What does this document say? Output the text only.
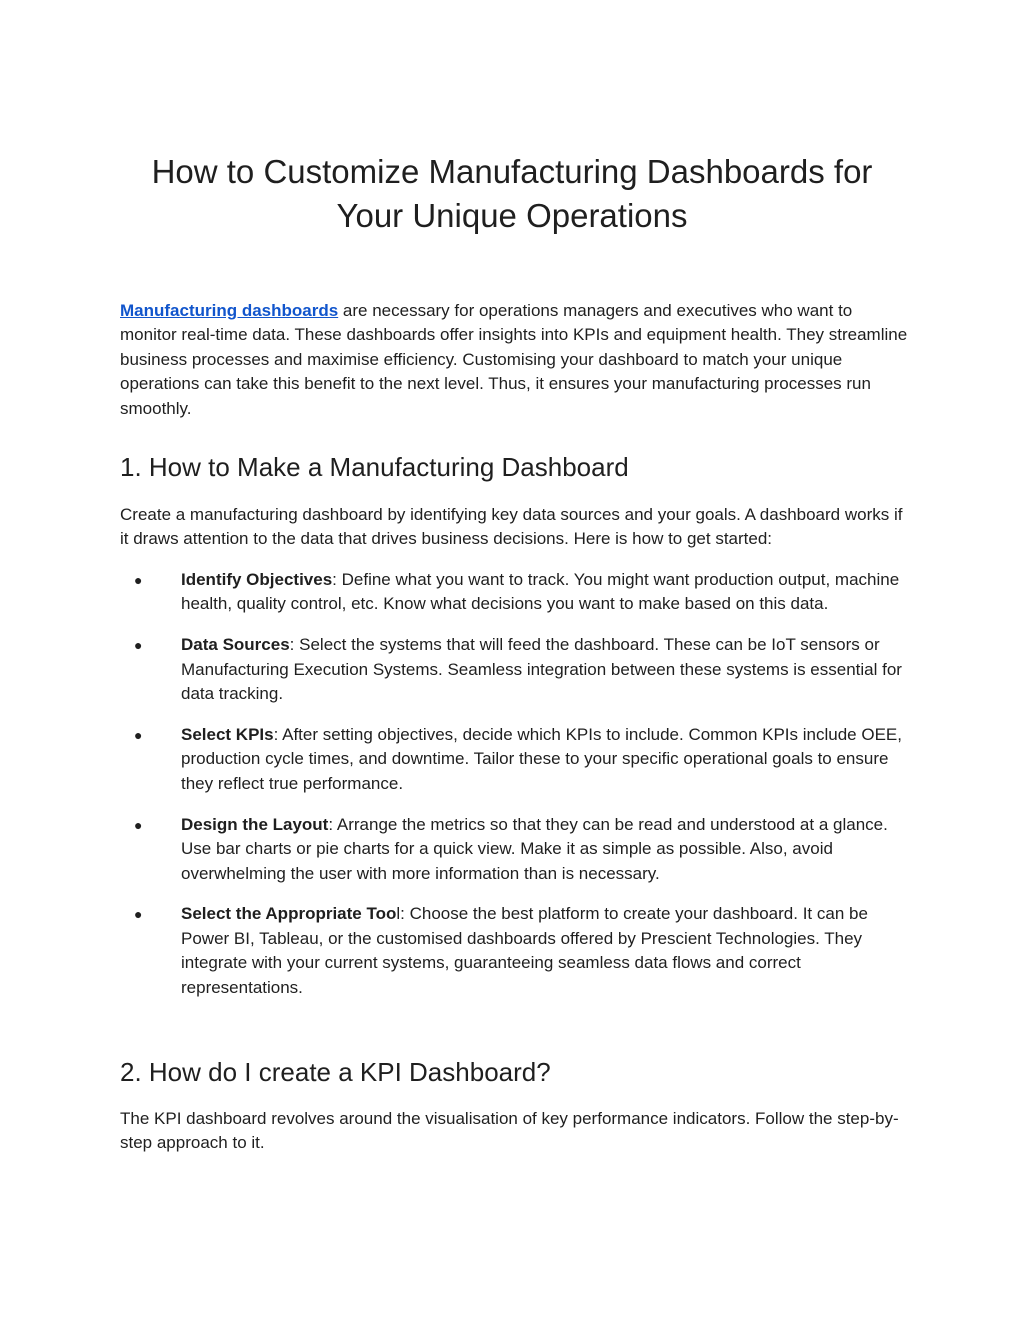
How to Customize Manufacturing Dashboards for Your Unique Operations

Manufacturing dashboards are necessary for operations managers and executives who want to monitor real-time data. These dashboards offer insights into KPIs and equipment health. They streamline business processes and maximise efficiency. Customising your dashboard to match your unique operations can take this benefit to the next level. Thus, it ensures your manufacturing processes run smoothly.

1. How to Make a Manufacturing Dashboard

Create a manufacturing dashboard by identifying key data sources and your goals. A dashboard works if it draws attention to the data that drives business decisions. Here is how to get started:

● Identify Objectives: Define what you want to track. You might want production output, machine health, quality control, etc. Know what decisions you want to make based on this data.
● Data Sources: Select the systems that will feed the dashboard. These can be IoT sensors or Manufacturing Execution Systems. Seamless integration between these systems is essential for data tracking.
● Select KPIs: After setting objectives, decide which KPIs to include. Common KPIs include OEE, production cycle times, and downtime. Tailor these to your specific operational goals to ensure they reflect true performance.
● Design the Layout: Arrange the metrics so that they can be read and understood at a glance. Use bar charts or pie charts for a quick view. Make it as simple as possible. Also, avoid overwhelming the user with more information than is necessary.
● Select the Appropriate Tool: Choose the best platform to create your dashboard. It can be Power BI, Tableau, or the customised dashboards offered by Prescient Technologies. They integrate with your current systems, guaranteeing seamless data flows and correct representations.
2. How do I create a KPI Dashboard?

The KPI dashboard revolves around the visualisation of key performance indicators. Follow the step-by-step approach to it.
